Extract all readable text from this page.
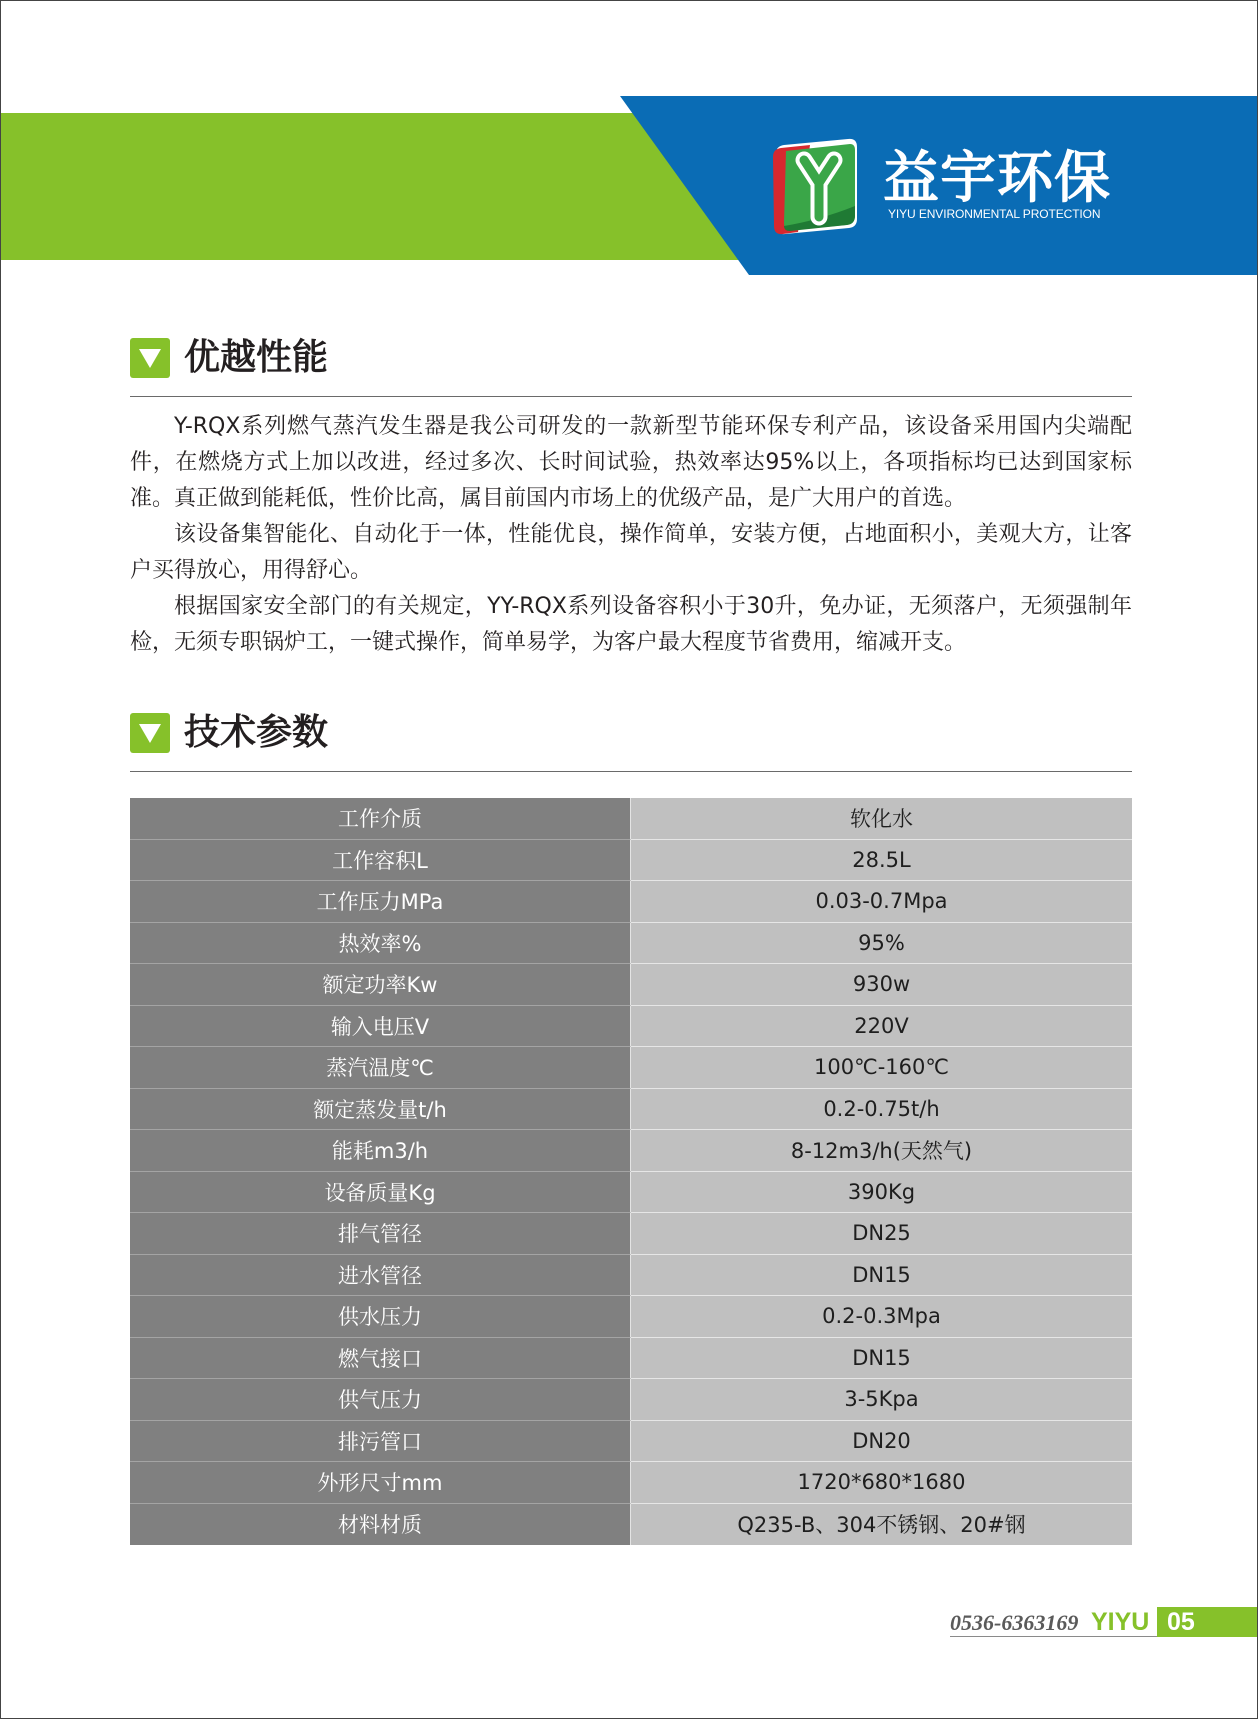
益宇环保
YIYU ENVIRONMENTAL PROTECTION
优越性能

Y-RQX系列燃气蒸汽发生器是我公司研发的一款新型节能环保专利产品，该设备采用国内尖端配件，在燃烧方式上加以改进，经过多次、长时间试验，热效率达95%以上，各项指标均已达到国家标准。真正做到能耗低，性价比高，属目前国内市场上的优级产品，是广大用户的首选。

该设备集智能化、自动化于一体，性能优良，操作简单，安装方便，占地面积小，美观大方，让客户买得放心，用得舒心。

根据国家安全部门的有关规定，YY-RQX系列设备容积小于30升，免办证，无须落户，无须强制年检，无须专职锅炉工，一键式操作，简单易学，为客户最大程度节省费用，缩减开支。

技术参数
工作介质	软化水
工作容积L	28.5L
工作压力MPa	0.03-0.7Mpa
热效率%	95%
额定功率Kw	930w
输入电压V	220V
蒸汽温度℃	100℃-160℃
额定蒸发量t/h	0.2-0.75t/h
能耗m3/h	8-12m3/h(天然气)
设备质量Kg	390Kg
排气管径	DN25
进水管径	DN15
供水压力	0.2-0.3Mpa
燃气接口	DN15
供气压力	3-5Kpa
排污管口	DN20
外形尺寸mm	1720*680*1680
材料材质	Q235-B、304不锈钢、20#钢
0536-6363169 YIYU 05
